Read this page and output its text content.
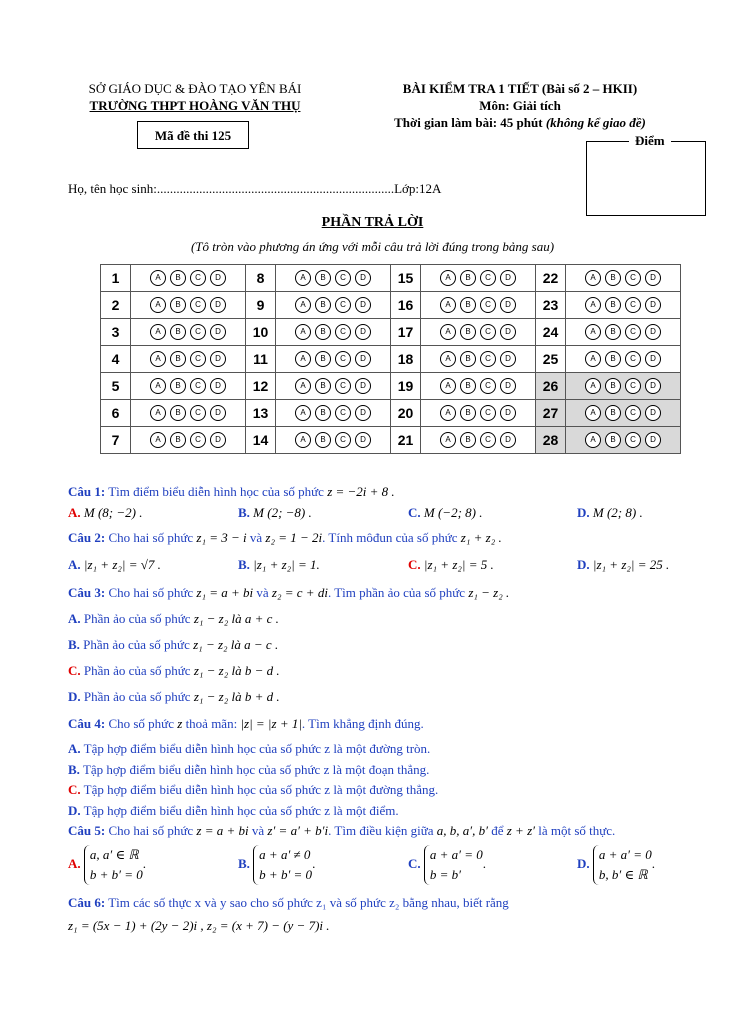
SỞ GIÁO DỤC & ĐÀO TẠO YÊN BÁI
TRƯỜNG THPT HOÀNG VĂN THỤ
Mã đề thi 125
BÀI KIỂM TRA 1 TIẾT (Bài số 2 – HKII)
Môn: Giải tích
Thời gian làm bài: 45 phút (không kể giao đề)
Điểm
Họ, tên học sinh:.........................................................................Lớp:12A
PHẦN TRẢ LỜI
(Tô tròn vào phương án ứng với mỗi câu trả lời đúng trong bảng sau)
1	A B C D	8	A B C D	15	A B C D	22	A B C D
2	A B C D	9	A B C D	16	A B C D	23	A B C D
3	A B C D	10	A B C D	17	A B C D	24	A B C D
4	A B C D	11	A B C D	18	A B C D	25	A B C D
5	A B C D	12	A B C D	19	A B C D	26	A B C D
6	A B C D	13	A B C D	20	A B C D	27	A B C D
7	A B C D	14	A B C D	21	A B C D	28	A B C D
Câu 1: Tìm điểm biểu diễn hình học của số phức z = −2i + 8 .
A. M (8; −2) .	B. M (2; −8) .	C. M (−2; 8) .	D. M (2; 8) .
Câu 2: Cho hai số phức z₁ = 3 − i và z₂ = 1 − 2i. Tính môđun của số phức z₁ + z₂ .
A. |z₁ + z₂| = √7 .	B. |z₁ + z₂| = 1.	C. |z₁ + z₂| = 5 .	D. |z₁ + z₂| = 25 .
Câu 3: Cho hai số phức z₁ = a + bi và z₂ = c + di. Tìm phần ảo của số phức z₁ − z₂ .
A. Phần ảo của số phức z₁ − z₂ là a + c .
B. Phần ảo của số phức z₁ − z₂ là a − c .
C. Phần ảo của số phức z₁ − z₂ là b − d .
D. Phần ảo của số phức z₁ − z₂ là b + d .
Câu 4: Cho số phức z thoả mãn: |z| = |z + 1|. Tìm khẳng định đúng.
A. Tập hợp điểm biểu diễn hình học của số phức z là một đường tròn.
B. Tập hợp điểm biểu diễn hình học của số phức z là một đoạn thẳng.
C. Tập hợp điểm biểu diễn hình học của số phức z là một đường thẳng.
D. Tập hợp điểm biểu diễn hình học của số phức z là một điểm.
Câu 5: Cho hai số phức z = a + bi và z′ = a′ + b′i. Tìm điều kiện giữa a, b, a′, b′ để z + z′ là một số thực.
A. a, a′ ∈ ℝ
b + b′ = 0.	B. a + a′ ≠ 0
b + b′ = 0.	C. a + a′ = 0
b = b′.	D. a + a′ = 0
b, b′ ∈ ℝ.
Câu 6: Tìm các số thực x và y sao cho số phức z₁ và số phức z₂ bằng nhau, biết rằng
z₁ = (5x − 1) + (2y − 2)i , z₂ = (x + 7) − (y − 7)i .
